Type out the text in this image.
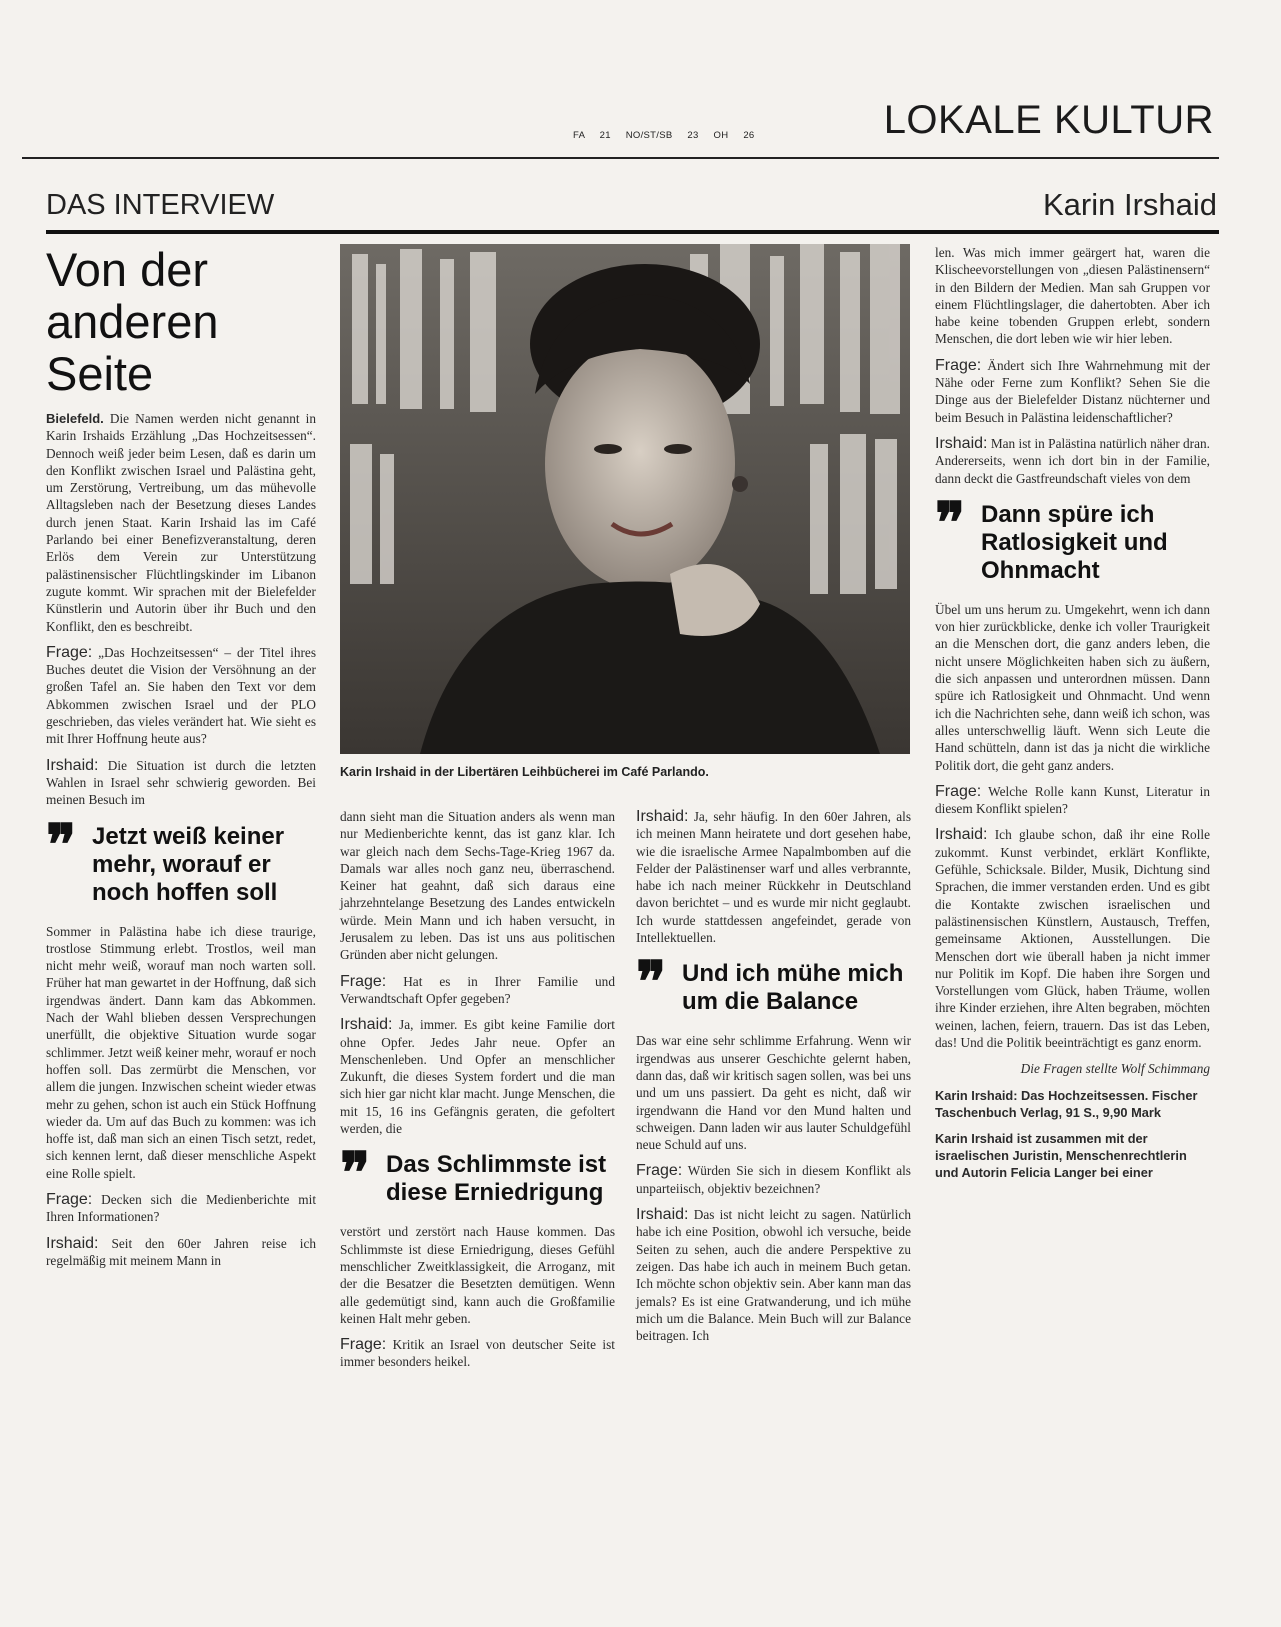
FA 21 NO/ST/SB 23 OH 26	LOKALE KULTUR
DAS INTERVIEW	Karin Irshaid
Von der anderen Seite
Karin Irshaid in der Libertären Leihbücherei im Café Parlando.

Bielefeld. Die Namen werden nicht genannt in Karin Irshaids Erzählung „Das Hochzeitsessen“. Dennoch weiß jeder beim Lesen, daß es darin um den Konflikt zwischen Israel und Palästina geht, um Zerstörung, Vertreibung, um das mühevolle Alltagsleben nach der Besetzung dieses Landes durch jenen Staat. Karin Irshaid las im Café Parlando bei einer Benefizveranstaltung, deren Erlös dem Verein zur Unterstützung palästinensischer Flüchtlingskinder im Libanon zugute kommt. Wir sprachen mit der Bielefelder Künstlerin und Autorin über ihr Buch und den Konflikt, den es beschreibt.

Frage: „Das Hochzeitsessen“ – der Titel ihres Buches deutet die Vision der Versöhnung an der großen Tafel an. Sie haben den Text vor dem Abkommen zwischen Israel und der PLO geschrieben, das vieles verändert hat. Wie sieht es mit Ihrer Hoffnung heute aus?

Irshaid: Die Situation ist durch die letzten Wahlen in Israel sehr schwierig geworden. Bei meinen Besuch im

❞ Jetzt weiß keiner mehr, worauf er noch hoffen soll

Sommer in Palästina habe ich diese traurige, trostlose Stimmung erlebt. Trostlos, weil man nicht mehr weiß, worauf man noch warten soll. Früher hat man gewartet in der Hoffnung, daß sich irgendwas ändert. Dann kam das Abkommen. Nach der Wahl blieben dessen Versprechungen unerfüllt, die objektive Situation wurde sogar schlimmer. Jetzt weiß keiner mehr, worauf er noch hoffen soll. Das zermürbt die Menschen, vor allem die jungen. Inzwischen scheint wieder etwas mehr zu gehen, schon ist auch ein Stück Hoffnung wieder da. Um auf das Buch zu kommen: was ich hoffe ist, daß man sich an einen Tisch setzt, redet, sich kennen lernt, daß dieser menschliche Aspekt eine Rolle spielt.

Frage: Decken sich die Medienberichte mit Ihren Informationen?

Irshaid: Seit den 60er Jahren reise ich regelmäßig mit meinem Mann in

dann sieht man die Situation anders als wenn man nur Medienberichte kennt, das ist ganz klar. Ich war gleich nach dem Sechs-Tage-Krieg 1967 da. Damals war alles noch ganz neu, überraschend. Keiner hat geahnt, daß sich daraus eine jahrzehntelange Besetzung des Landes entwickeln würde. Mein Mann und ich haben versucht, in Jerusalem zu leben. Das ist uns aus politischen Gründen aber nicht gelungen.

Frage: Hat es in Ihrer Familie und Verwandtschaft Opfer gegeben?

Irshaid: Ja, immer. Es gibt keine Familie dort ohne Opfer. Jedes Jahr neue. Opfer an Menschenleben. Und Opfer an menschlicher Zukunft, die dieses System fordert und die man sich hier gar nicht klar macht. Junge Menschen, die mit 15, 16 ins Gefängnis geraten, die gefoltert werden, die

❞ Das Schlimmste ist diese Erniedrigung

verstört und zerstört nach Hause kommen. Das Schlimmste ist diese Erniedrigung, dieses Gefühl menschlicher Zweitklassigkeit, die Arroganz, mit der die Besatzer die Besetzten demütigen. Wenn alle gedemütigt sind, kann auch die Großfamilie keinen Halt mehr geben.

Frage: Kritik an Israel von deutscher Seite ist immer besonders heikel.

Irshaid: Ja, sehr häufig. In den 60er Jahren, als ich meinen Mann heiratete und dort gesehen habe, wie die israelische Armee Napalmbomben auf die Felder der Palästinenser warf und alles verbrannte, habe ich nach meiner Rückkehr in Deutschland davon berichtet – und es wurde mir nicht geglaubt. Ich wurde stattdessen angefeindet, gerade von Intellektuellen.

❞ Und ich mühe mich um die Balance

Das war eine sehr schlimme Erfahrung. Wenn wir irgendwas aus unserer Geschichte gelernt haben, dann das, daß wir kritisch sagen sollen, was bei uns und um uns passiert. Da geht es nicht, daß wir irgendwann die Hand vor den Mund halten und schweigen. Dann laden wir aus lauter Schuldgefühl neue Schuld auf uns.

Frage: Würden Sie sich in diesem Konflikt als unparteiisch, objektiv bezeichnen?

Irshaid: Das ist nicht leicht zu sagen. Natürlich habe ich eine Position, obwohl ich versuche, beide Seiten zu sehen, auch die andere Perspektive zu zeigen. Das habe ich auch in meinem Buch getan. Ich möchte schon objektiv sein. Aber kann man das jemals? Es ist eine Gratwanderung, und ich mühe mich um die Balance. Mein Buch will zur Balance beitragen. Ich

len. Was mich immer geärgert hat, waren die Klischeevorstellungen von „diesen Palästinensern“ in den Bildern der Medien. Man sah Gruppen vor einem Flüchtlingslager, die dahertobten. Aber ich habe keine tobenden Gruppen erlebt, sondern Menschen, die dort leben wie wir hier leben.

Frage: Ändert sich Ihre Wahrnehmung mit der Nähe oder Ferne zum Konflikt? Sehen Sie die Dinge aus der Bielefelder Distanz nüchterner und beim Besuch in Palästina leidenschaftlicher?

Irshaid: Man ist in Palästina natürlich näher dran. Andererseits, wenn ich dort bin in der Familie, dann deckt die Gastfreundschaft vieles von dem

❞ Dann spüre ich Ratlosigkeit und Ohnmacht

Übel um uns herum zu. Umgekehrt, wenn ich dann von hier zurückblicke, denke ich voller Traurigkeit an die Menschen dort, die ganz anders leben, die nicht unsere Möglichkeiten haben sich zu äußern, die sich anpassen und unterordnen müssen. Dann spüre ich Ratlosigkeit und Ohnmacht. Und wenn ich die Nachrichten sehe, dann weiß ich schon, was alles unterschwellig läuft. Wenn sich Leute die Hand schütteln, dann ist das ja nicht die wirkliche Politik dort, die geht ganz anders.

Frage: Welche Rolle kann Kunst, Literatur in diesem Konflikt spielen?

Irshaid: Ich glaube schon, daß ihr eine Rolle zukommt. Kunst verbindet, erklärt Konflikte, Gefühle, Schicksale. Bilder, Musik, Dichtung sind Sprachen, die immer verstanden erden. Und es gibt die Kontakte zwischen israelischen und palästinensischen Künstlern, Austausch, Treffen, gemeinsame Aktionen, Ausstellungen. Die Menschen dort wie überall haben ja nicht immer nur Politik im Kopf. Die haben ihre Sorgen und Vorstellungen vom Glück, haben Träume, wollen ihre Kinder erziehen, ihre Alten begraben, möchten weinen, lachen, feiern, trauern. Das ist das Leben, das! Und die Politik beeinträchtigt es ganz enorm.

Die Fragen stellte Wolf Schimmang

Karin Irshaid: Das Hochzeitsessen. Fischer Taschenbuch Verlag, 91 S., 9,90 Mark

Karin Irshaid ist zusammen mit der israelischen Juristin, Menschenrechtlerin und Autorin Felicia Langer bei einer
